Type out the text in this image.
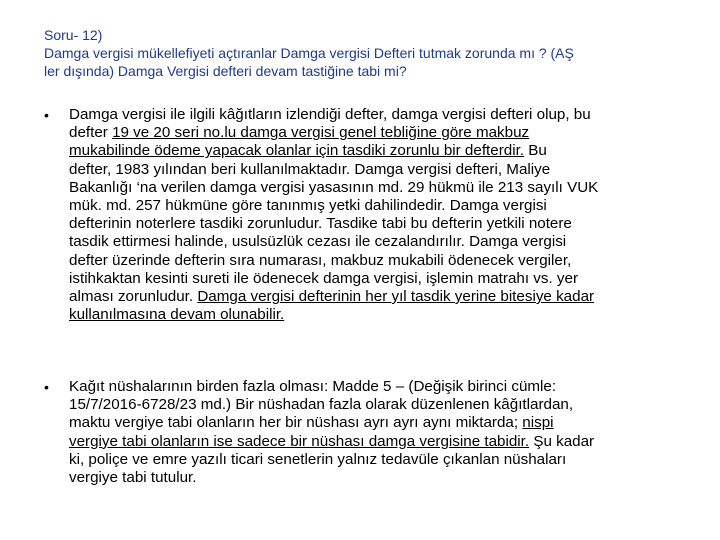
Soru- 12)
Damga vergisi mükellefiyeti açtıranlar Damga vergisi Defteri tutmak zorunda mı ? (AŞ
ler dışında) Damga Vergisi defteri devam tastiğine tabi mi?
•	Damga vergisi ile ilgili kâğıtların izlendiği defter, damga vergisi defteri olup, bu
defter 19 ve 20 seri no.lu damga vergisi genel tebliğine göre makbuz
mukabilinde ödeme yapacak olanlar için tasdiki zorunlu bir defterdir. Bu
defter, 1983 yılından beri kullanılmaktadır. Damga vergisi defteri, Maliye
Bakanlığı ‘na verilen damga vergisi yasasının md. 29 hükmü ile 213 sayılı VUK
mük. md. 257 hükmüne göre tanınmış yetki dahilindedir. Damga vergisi
defterinin noterlere tasdiki zorunludur. Tasdike tabi bu defterin yetkili notere
tasdik ettirmesi halinde, usulsüzlük cezası ile cezalandırılır. Damga vergisi
defter üzerinde defterin sıra numarası, makbuz mukabili ödenecek vergiler,
istihkaktan kesinti sureti ile ödenecek damga vergisi, işlemin matrahı vs. yer
alması zorunludur. Damga vergisi defterinin her yıl tasdik yerine bitesiye kadar
kullanılmasına devam olunabilir.
•	Kağıt nüshalarının birden fazla olması: Madde 5 – (Değişik birinci cümle:
15/7/2016-6728/23 md.) Bir nüshadan fazla olarak düzenlenen kâğıtlardan,
maktu vergiye tabi olanların her bir nüshası ayrı ayrı aynı miktarda; nispi
vergiye tabi olanların ise sadece bir nüshası damga vergisine tabidir. Şu kadar
ki, poliçe ve emre yazılı ticari senetlerin yalnız tedavüle çıkanlan nüshaları
vergiye tabi tutulur.
